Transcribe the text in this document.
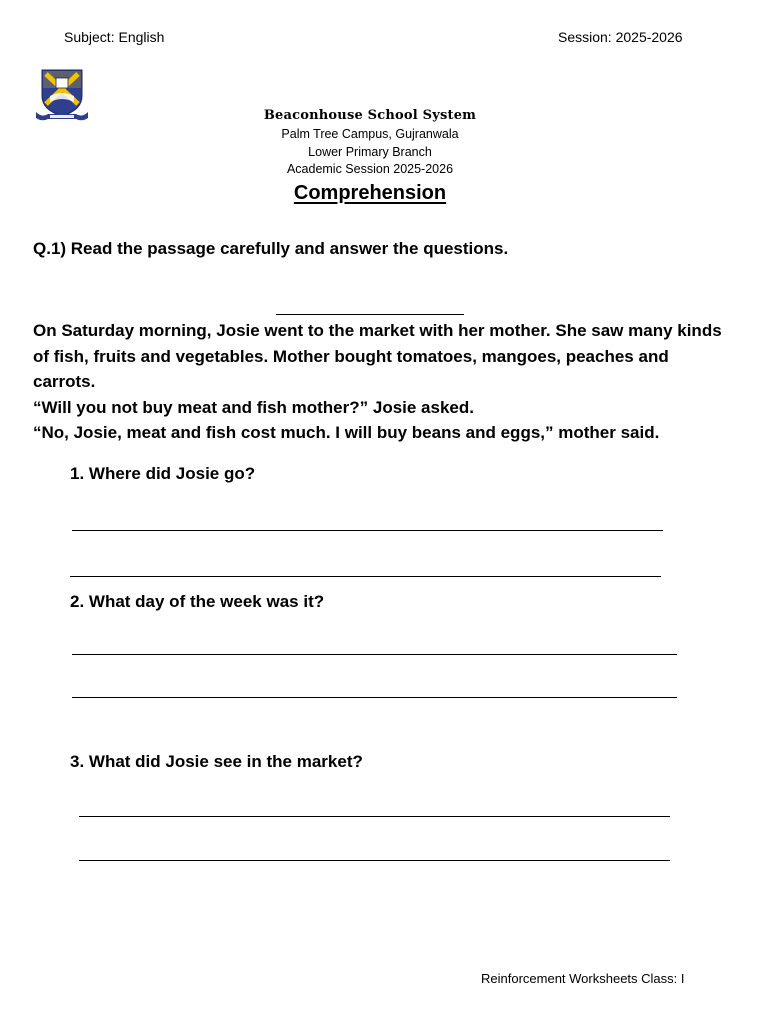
Subject: English	Session: 2025-2026
Beaconhouse School System
Palm Tree Campus, Gujranwala
Lower Primary Branch
Academic Session 2025-2026
Comprehension
Q.1) Read the passage carefully and answer the questions.

On Saturday morning, Josie went to the market with her mother. She saw many kinds of fish, fruits and vegetables. Mother bought tomatoes, mangoes, peaches and carrots.

“Will you not buy meat and fish mother?” Josie asked.

“No, Josie, meat and fish cost much. I will buy beans and eggs,” mother said.

1. Where did Josie go?
2. What day of the week was it?
3. What did Josie see in the market?
Reinforcement Worksheets Class: I
